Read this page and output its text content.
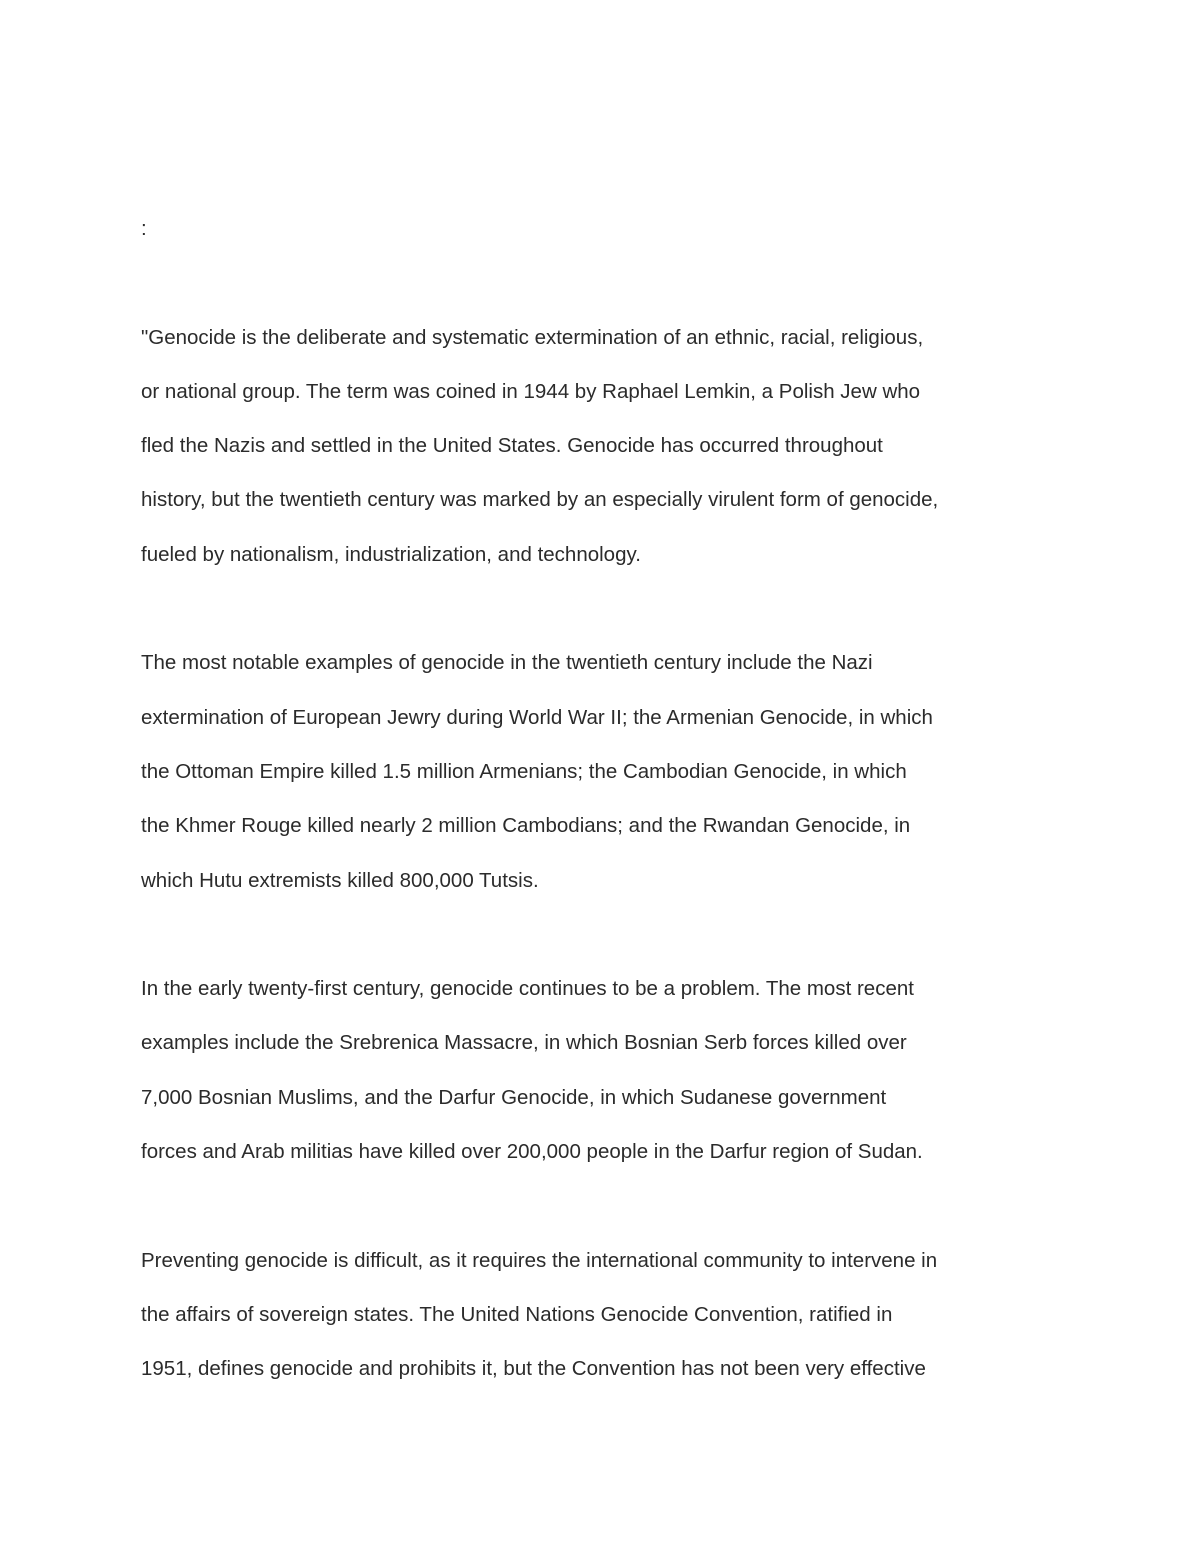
:
"Genocide is the deliberate and systematic extermination of an ethnic, racial, religious,
or national group. The term was coined in 1944 by Raphael Lemkin, a Polish Jew who
fled the Nazis and settled in the United States. Genocide has occurred throughout
history, but the twentieth century was marked by an especially virulent form of genocide,
fueled by nationalism, industrialization, and technology.
The most notable examples of genocide in the twentieth century include the Nazi
extermination of European Jewry during World War II; the Armenian Genocide, in which
the Ottoman Empire killed 1.5 million Armenians; the Cambodian Genocide, in which
the Khmer Rouge killed nearly 2 million Cambodians; and the Rwandan Genocide, in
which Hutu extremists killed 800,000 Tutsis.
In the early twenty-first century, genocide continues to be a problem. The most recent
examples include the Srebrenica Massacre, in which Bosnian Serb forces killed over
7,000 Bosnian Muslims, and the Darfur Genocide, in which Sudanese government
forces and Arab militias have killed over 200,000 people in the Darfur region of Sudan.
Preventing genocide is difficult, as it requires the international community to intervene in
the affairs of sovereign states. The United Nations Genocide Convention, ratified in
1951, defines genocide and prohibits it, but the Convention has not been very effective
